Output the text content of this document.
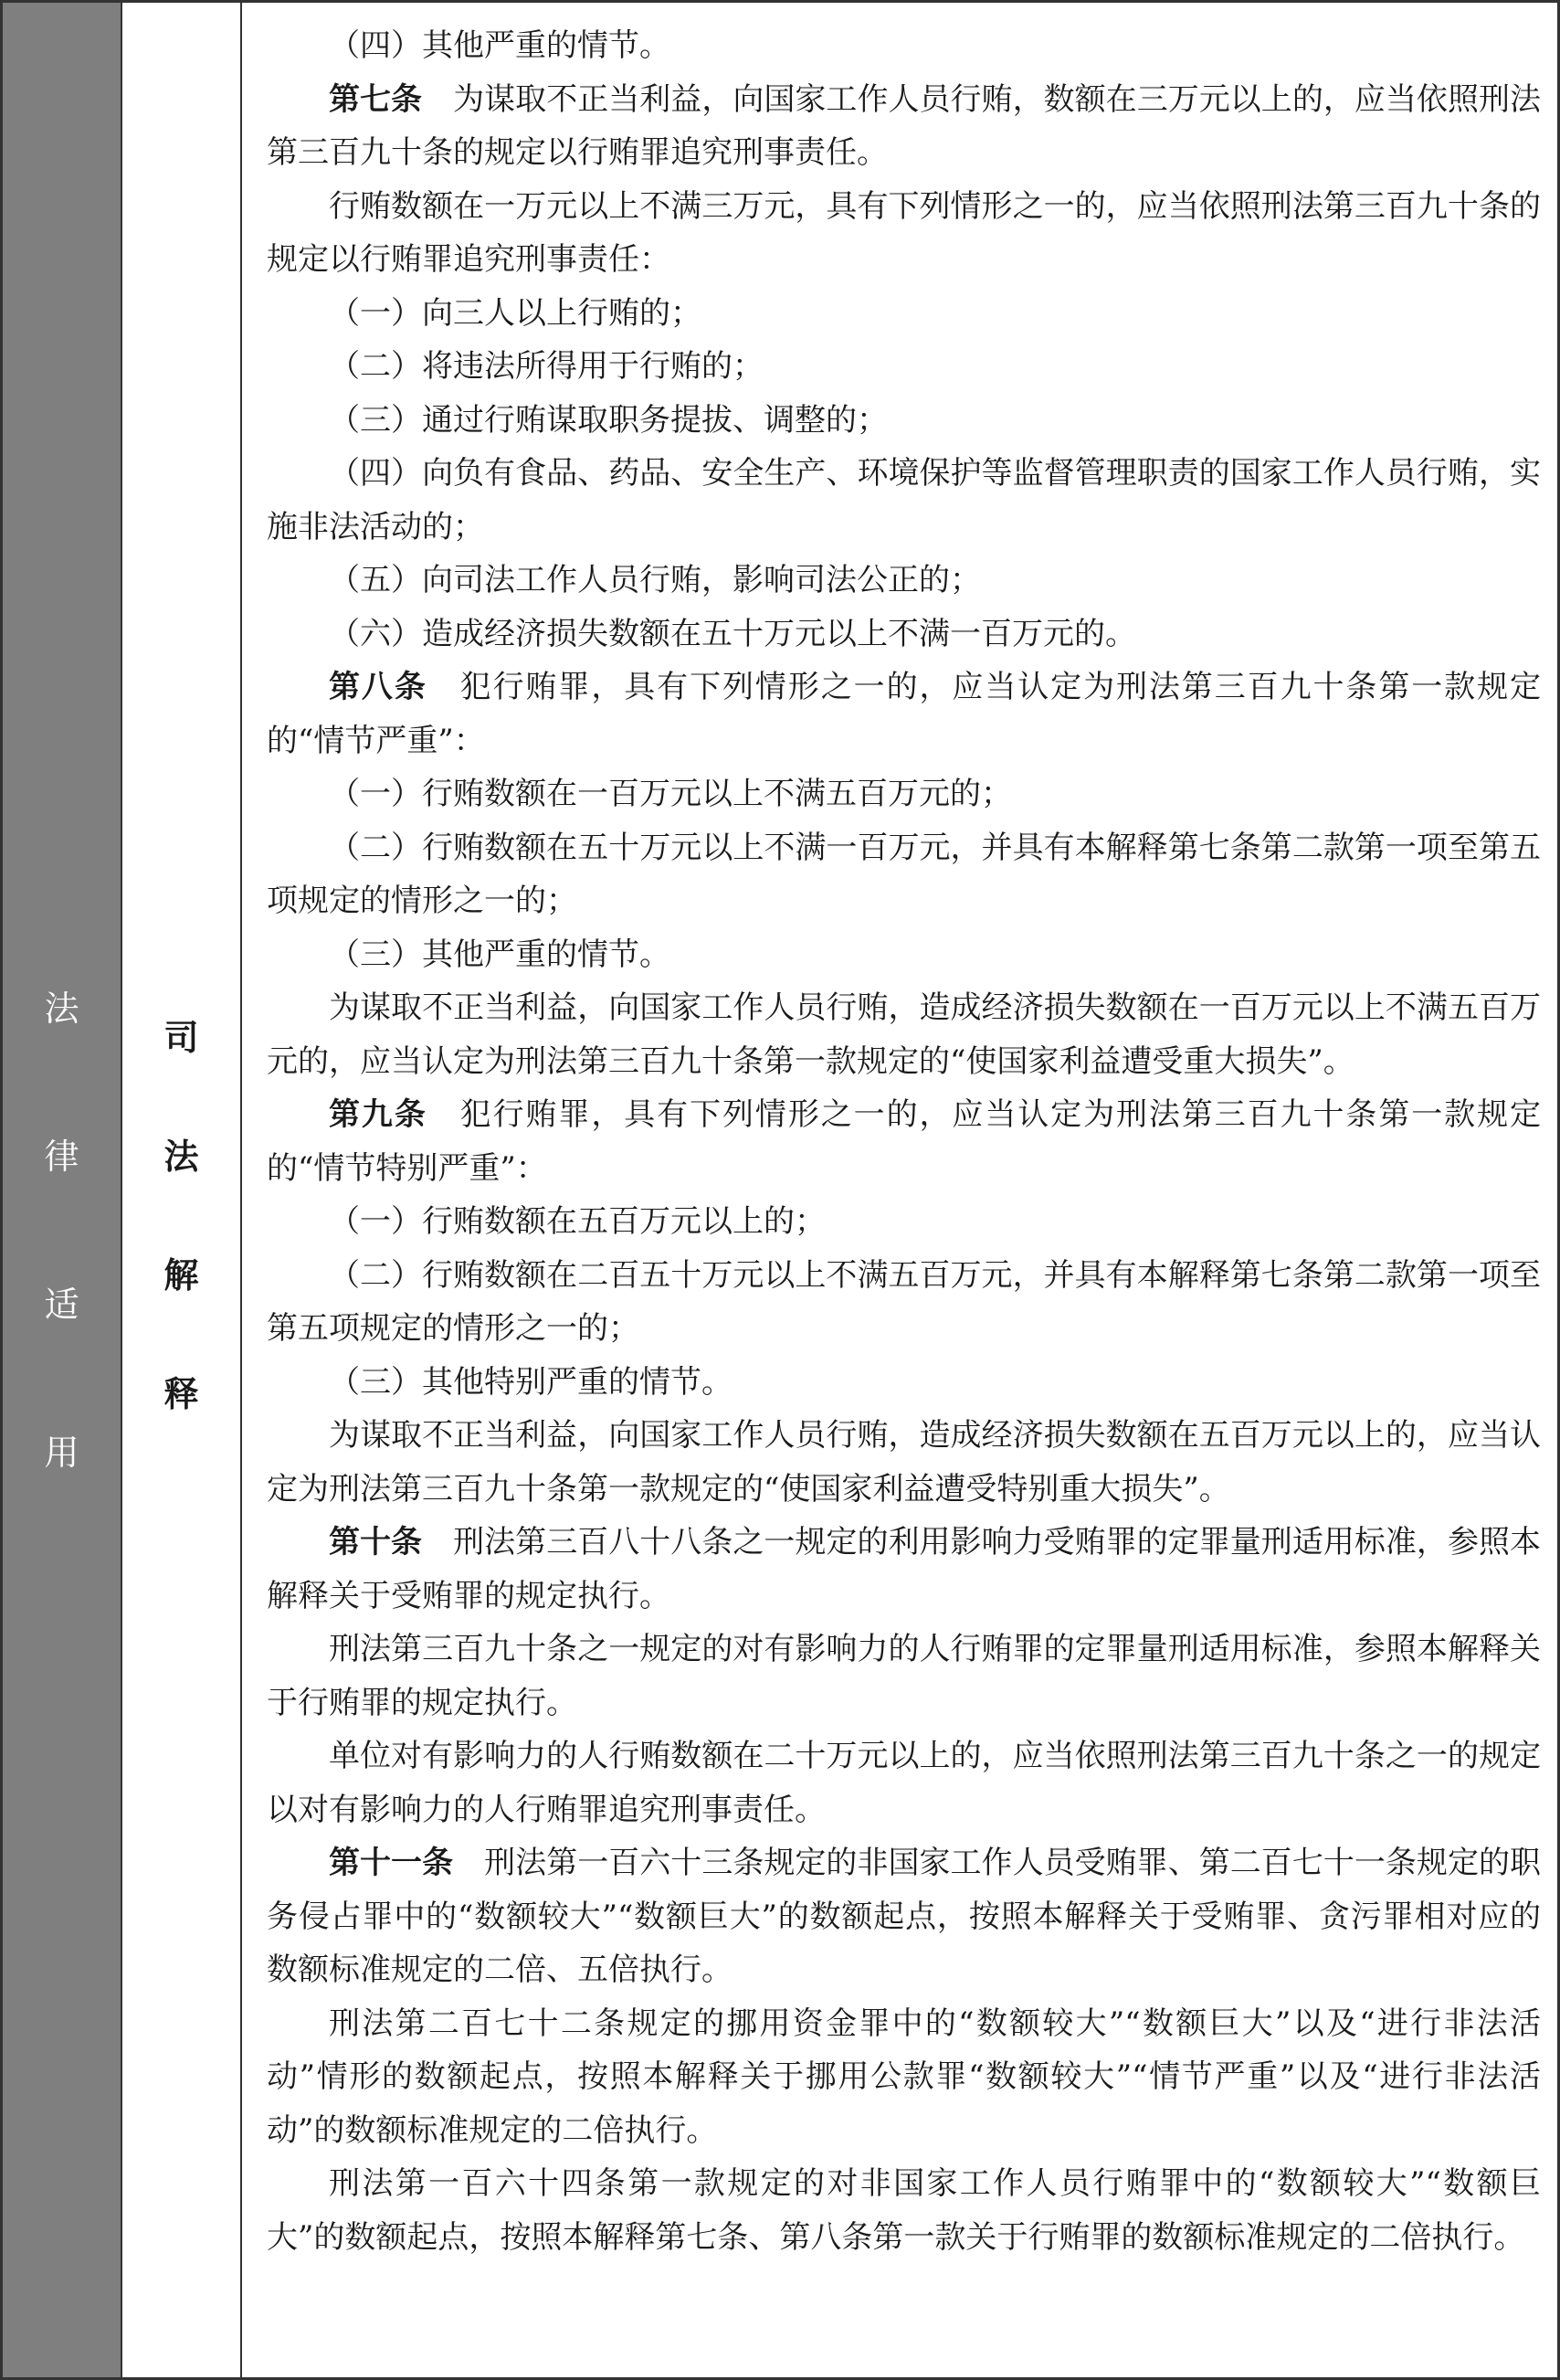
法
律
适
用
司
法
解
释

（四）其他严重的情节。

第七条　为谋取不正当利益，向国家工作人员行贿，数额在三万元以上的，应当依照刑法第三百九十条的规定以行贿罪追究刑事责任。

行贿数额在一万元以上不满三万元，具有下列情形之一的，应当依照刑法第三百九十条的规定以行贿罪追究刑事责任：

（一）向三人以上行贿的；

（二）将违法所得用于行贿的；

（三）通过行贿谋取职务提拔、调整的；

（四）向负有食品、药品、安全生产、环境保护等监督管理职责的国家工作人员行贿，实施非法活动的；

（五）向司法工作人员行贿，影响司法公正的；

（六）造成经济损失数额在五十万元以上不满一百万元的。

第八条　犯行贿罪，具有下列情形之一的，应当认定为刑法第三百九十条第一款规定的“情节严重”：

（一）行贿数额在一百万元以上不满五百万元的；

（二）行贿数额在五十万元以上不满一百万元，并具有本解释第七条第二款第一项至第五项规定的情形之一的；

（三）其他严重的情节。

为谋取不正当利益，向国家工作人员行贿，造成经济损失数额在一百万元以上不满五百万元的，应当认定为刑法第三百九十条第一款规定的“使国家利益遭受重大损失”。

第九条　犯行贿罪，具有下列情形之一的，应当认定为刑法第三百九十条第一款规定的“情节特别严重”：

（一）行贿数额在五百万元以上的；

（二）行贿数额在二百五十万元以上不满五百万元，并具有本解释第七条第二款第一项至第五项规定的情形之一的；

（三）其他特别严重的情节。

为谋取不正当利益，向国家工作人员行贿，造成经济损失数额在五百万元以上的，应当认定为刑法第三百九十条第一款规定的“使国家利益遭受特别重大损失”。

第十条　刑法第三百八十八条之一规定的利用影响力受贿罪的定罪量刑适用标准，参照本解释关于受贿罪的规定执行。

刑法第三百九十条之一规定的对有影响力的人行贿罪的定罪量刑适用标准，参照本解释关于行贿罪的规定执行。

单位对有影响力的人行贿数额在二十万元以上的，应当依照刑法第三百九十条之一的规定以对有影响力的人行贿罪追究刑事责任。

第十一条　刑法第一百六十三条规定的非国家工作人员受贿罪、第二百七十一条规定的职务侵占罪中的“数额较大”“数额巨大”的数额起点，按照本解释关于受贿罪、贪污罪相对应的数额标准规定的二倍、五倍执行。

刑法第二百七十二条规定的挪用资金罪中的“数额较大”“数额巨大”以及“进行非法活动”情形的数额起点，按照本解释关于挪用公款罪“数额较大”“情节严重”以及“进行非法活动”的数额标准规定的二倍执行。

刑法第一百六十四条第一款规定的对非国家工作人员行贿罪中的“数额较大”“数额巨大”的数额起点，按照本解释第七条、第八条第一款关于行贿罪的数额标准规定的二倍执行。
